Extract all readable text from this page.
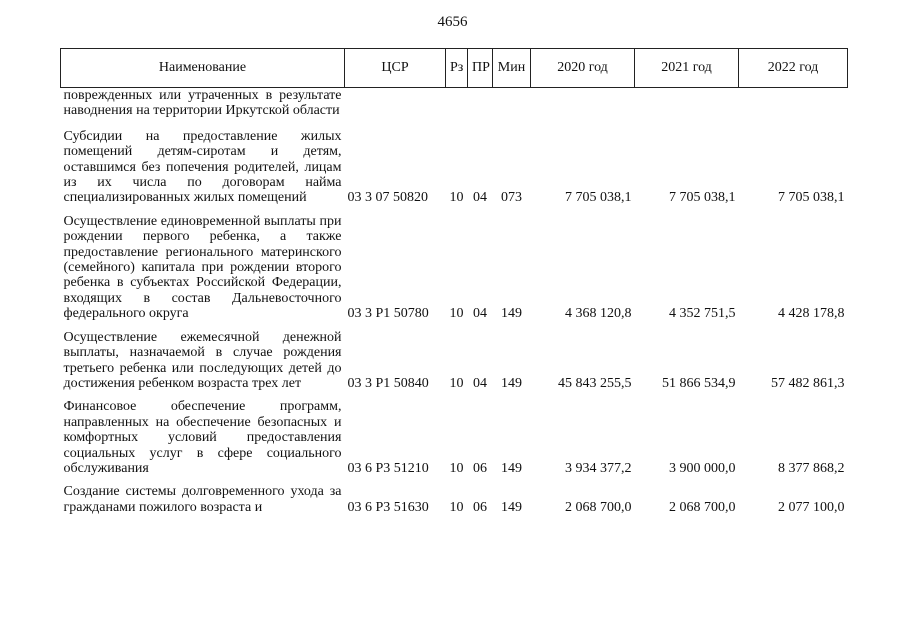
4656
Наименование	ЦСР	Рз	ПР	Мин	2020 год	2021 год	2022 год
поврежденных или утраченных в результате наводнения на территории Иркутской области							
Субсидии на предоставление жилых помещений детям-сиротам и детям, оставшимся без попечения родителей, лицам из их числа по договорам найма специализированных жилых помещений	03 3 07 50820	10	04	073	7 705 038,1	7 705 038,1	7 705 038,1
Осуществление единовременной выплаты при рождении первого ребенка, а также предоставление регионального материнского (семейного) капитала при рождении второго ребенка в субъектах Российской Федерации, входящих в состав Дальневосточного федерального округа	03 3 P1 50780	10	04	149	4 368 120,8	4 352 751,5	4 428 178,8
Осуществление ежемесячной денежной выплаты, назначаемой в случае рождения третьего ребенка или последующих детей до достижения ребенком возраста трех лет	03 3 P1 50840	10	04	149	45 843 255,5	51 866 534,9	57 482 861,3
Финансовое обеспечение программ, направленных на обеспечение безопасных и комфортных условий предоставления социальных услуг в сфере социального обслуживания	03 6 P3 51210	10	06	149	3 934 377,2	3 900 000,0	8 377 868,2
Создание системы долговременного ухода за гражданами пожилого возраста и	03 6 P3 51630	10	06	149	2 068 700,0	2 068 700,0	2 077 100,0
